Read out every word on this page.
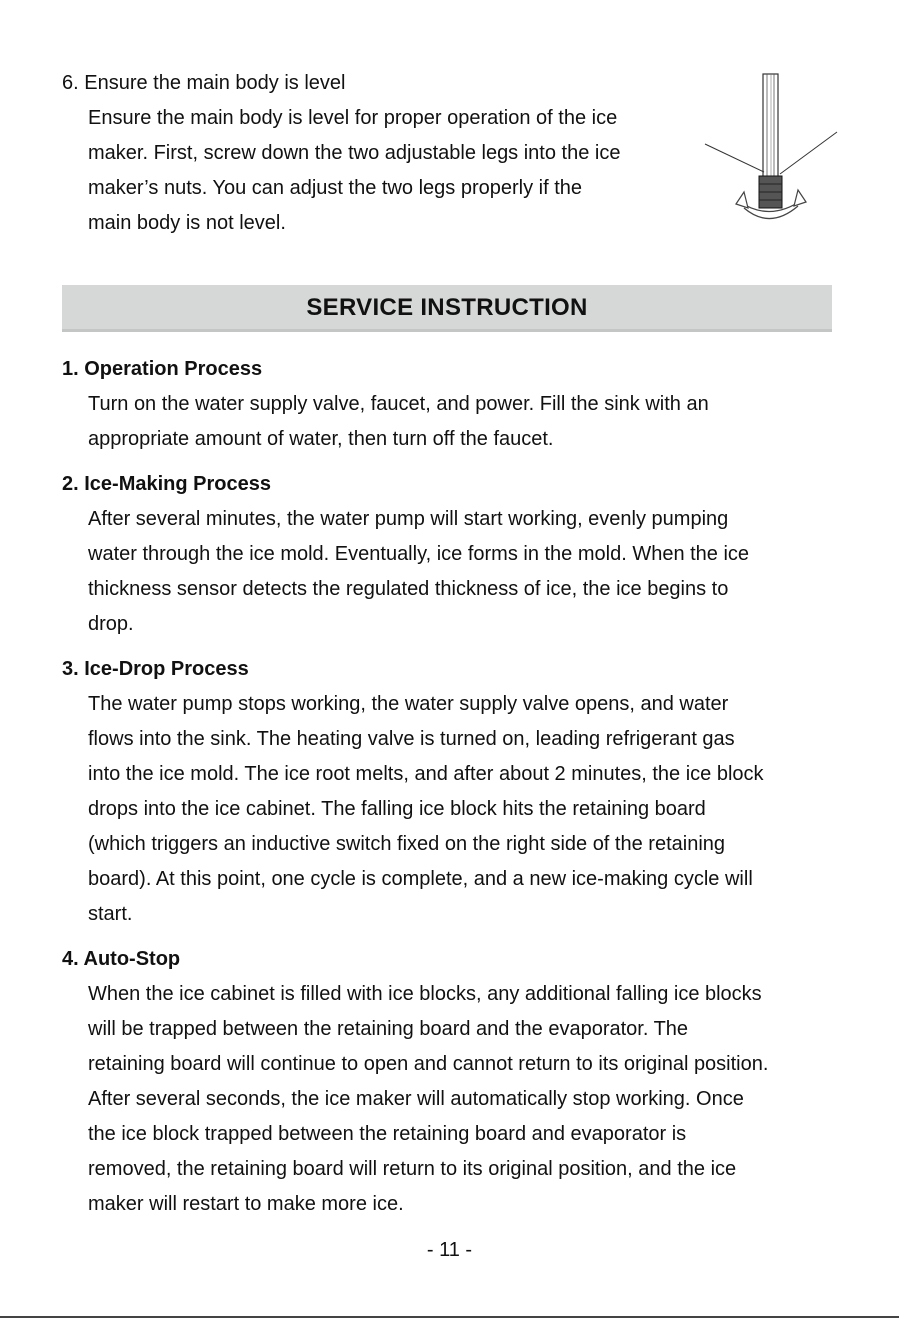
6. Ensure the main body is level
Ensure the main body is level for proper operation of the ice
maker. First, screw down the two adjustable legs into the ice
maker’s nuts. You can adjust the two legs properly if the
main body is not level.
SERVICE INSTRUCTION
1. Operation Process
Turn on the water supply valve, faucet, and power. Fill the sink with an
appropriate amount of water, then turn off the faucet.
2. Ice-Making Process
After several minutes, the water pump will start working, evenly pumping
water through the ice mold. Eventually, ice forms in the mold. When the ice
thickness sensor detects the regulated thickness of ice, the ice begins to
drop.
3. Ice-Drop Process
The water pump stops working, the water supply valve opens, and water
flows into the sink. The heating valve is turned on, leading refrigerant gas
into the ice mold. The ice root melts, and after about 2 minutes, the ice block
drops into the ice cabinet. The falling ice block hits the retaining board
(which triggers an inductive switch fixed on the right side of the retaining
board). At this point, one cycle is complete, and a new ice-making cycle will
start.
4. Auto-Stop
When the ice cabinet is filled with ice blocks, any additional falling ice blocks
will be trapped between the retaining board and the evaporator. The
retaining board will continue to open and cannot return to its original position.
After several seconds, the ice maker will automatically stop working. Once
the ice block trapped between the retaining board and evaporator is
removed, the retaining board will return to its original position, and the ice
maker will restart to make more ice.
- 11 -
